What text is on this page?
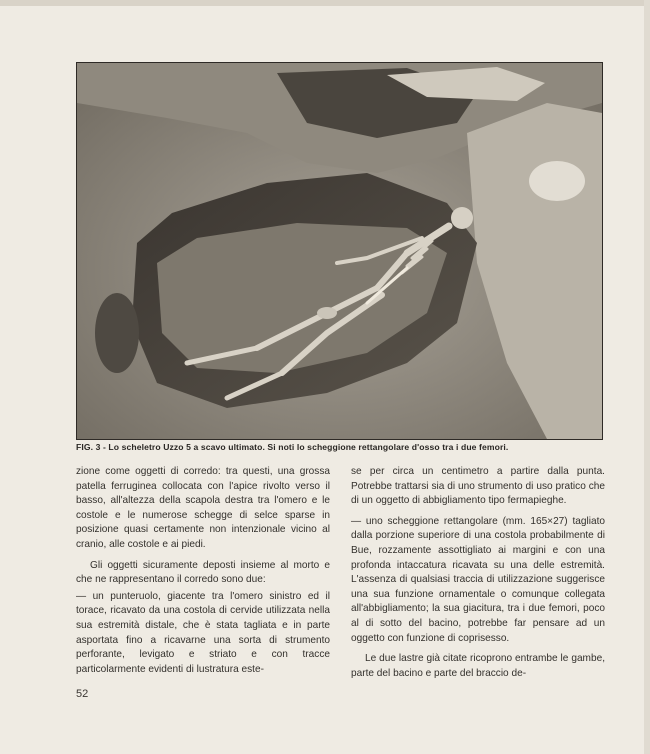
FIG. 3 - Lo scheletro Uzzo 5 a scavo ultimato. Si noti lo scheggione rettangolare d'osso tra i due femori.

zione come oggetti di corredo: tra questi, una grossa patella ferruginea collocata con l'apice rivolto verso il basso, all'altezza della scapola destra tra l'omero e le costole e le numerose schegge di selce sparse in posizione quasi certamente non intenzionale vicino al cranio, alle costole e ai piedi.

Gli oggetti sicuramente deposti insieme al morto e che ne rappresentano il corredo sono due:

— un punteruolo, giacente tra l'omero sinistro ed il torace, ricavato da una costola di cervide utilizzata nella sua estremità distale, che è stata tagliata e in parte asportata fino a ricavarne una sorta di strumento perforante, levigato e striato e con tracce particolarmente evidenti di lustratura este-

se per circa un centimetro a partire dalla punta. Potrebbe trattarsi sia di uno strumento di uso pratico che di un oggetto di abbigliamento tipo fermapieghe.

— uno scheggione rettangolare (mm. 165×27) tagliato dalla porzione superiore di una costola probabilmente di Bue, rozzamente assottigliato ai margini e con una profonda intaccatura ricavata su una delle estremità. L'assenza di qualsiasi traccia di utilizzazione suggerisce una sua funzione ornamentale o comunque collegata all'abbigliamento; la sua giacitura, tra i due femori, poco al di sotto del bacino, potrebbe far pensare ad un oggetto con funzione di coprisesso.

Le due lastre già citate ricoprono entrambe le gambe, parte del bacino e parte del braccio de-

52
